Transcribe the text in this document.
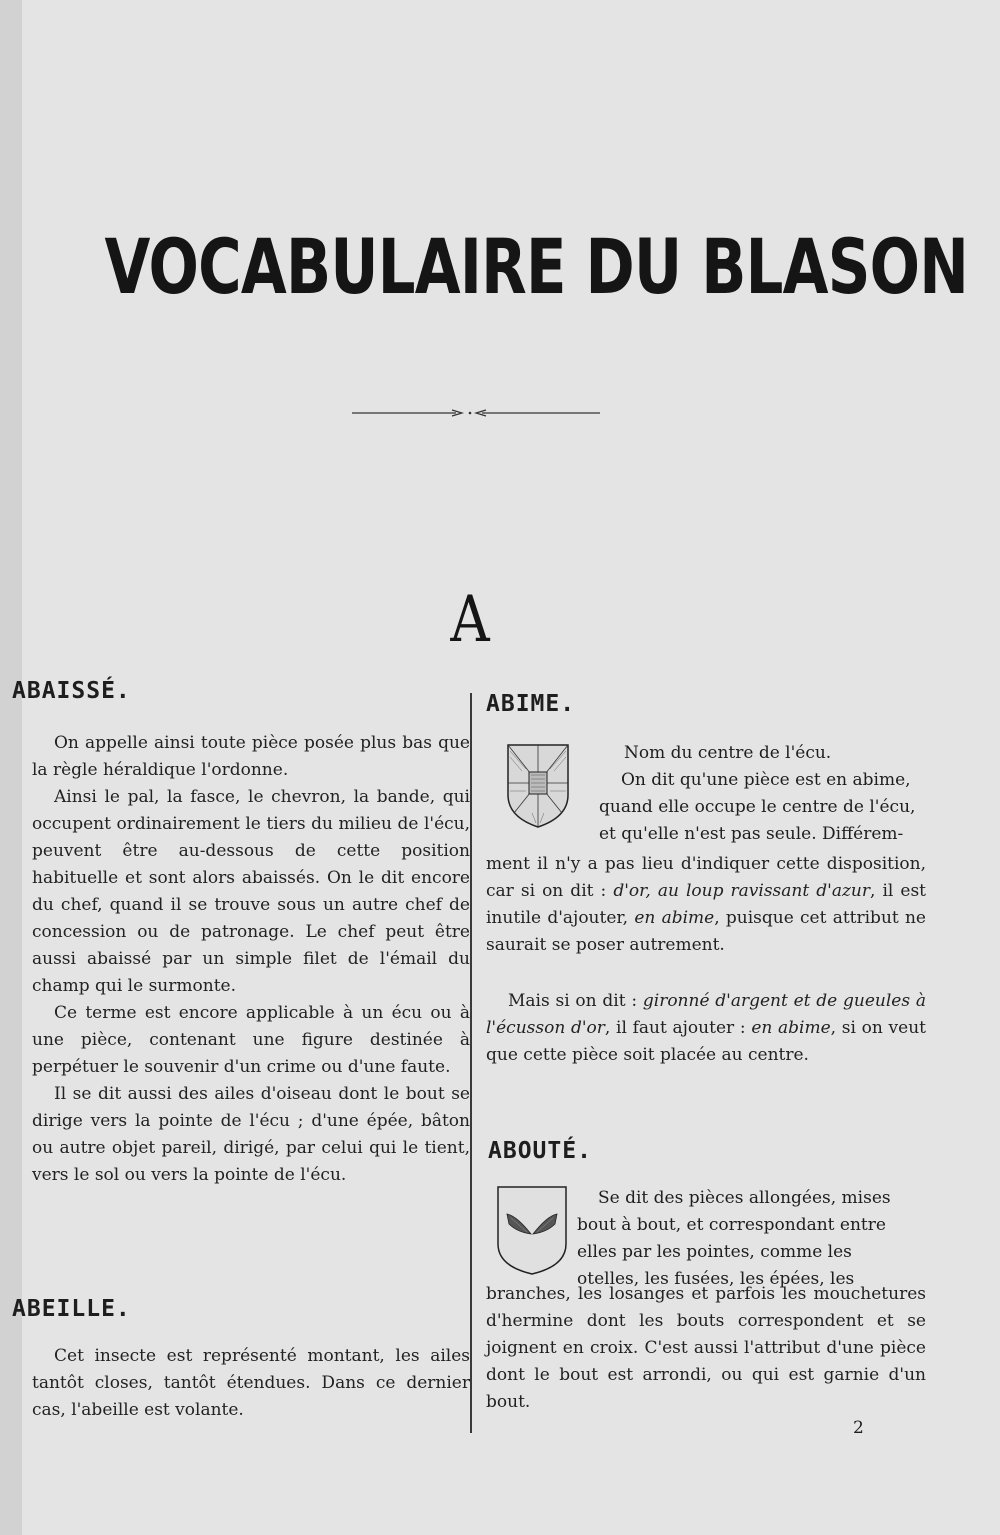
VOCABULAIRE DU BLASON
A
ABAISSÉ.

On appelle ainsi toute pièce posée plus bas que la règle héraldique l'ordonne.

Ainsi le pal, la fasce, le chevron, la bande, qui occupent ordinairement le tiers du milieu de l'écu, peuvent être au-dessous de cette position habituelle et sont alors abaissés. On le dit encore du chef, quand il se trouve sous un autre chef de concession ou de patronage. Le chef peut être aussi abaissé par un simple filet de l'émail du champ qui le surmonte.

Ce terme est encore applicable à un écu ou à une pièce, contenant une figure destinée à perpétuer le souvenir d'un crime ou d'une faute.

Il se dit aussi des ailes d'oiseau dont le bout se dirige vers la pointe de l'écu ; d'une épée, bâton ou autre objet pareil, dirigé, par celui qui le tient, vers le sol ou vers la pointe de l'écu.

ABEILLE.

Cet insecte est représenté montant, les ailes tantôt closes, tantôt étendues. Dans ce dernier cas, l'abeille est volante.

ABIME.
Nom du centre de l'écu.
On dit qu'une pièce est en abime,
quand elle occupe le centre de l'écu,
et qu'elle n'est pas seule. Différem-

ment il n'y a pas lieu d'indiquer cette disposition, car si on dit : d'or, au loup ravissant d'azur, il est inutile d'ajouter, en abime, puisque cet attribut ne saurait se poser autrement.

Mais si on dit : gironné d'argent et de gueules à l'écusson d'or, il faut ajouter : en abime, si on veut que cette pièce soit placée au centre.

ABOUTÉ.
Se dit des pièces allongées, mises
bout à bout, et correspondant entre
elles par les pointes, comme les
otelles, les fusées, les épées, les

branches, les losanges et parfois les mouchetures d'hermine dont les bouts correspondent et se joignent en croix. C'est aussi l'attribut d'une pièce dont le bout est arrondi, ou qui est garnie d'un bout.

2
